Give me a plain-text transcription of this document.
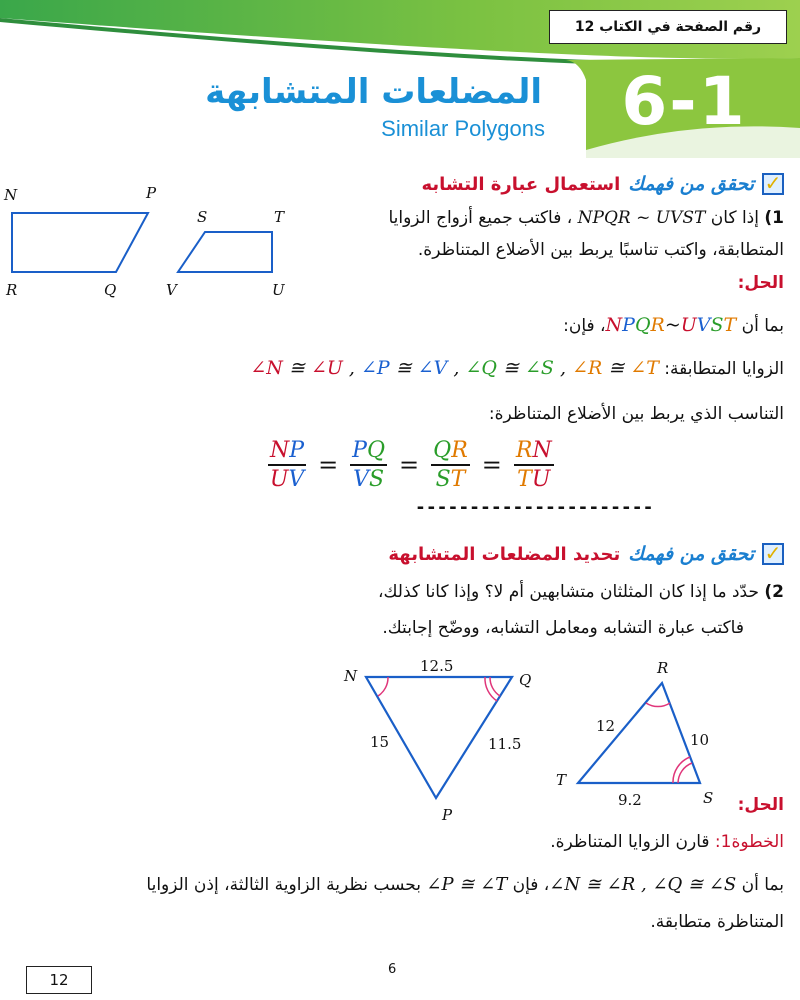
رقم الصفحة في الكتاب 12
6-1
المضلعات المتشابهة
Similar Polygons
✓
تحقق من فهمك
استعمال عبارة التشابه
N	P
R	Q
S	T
V	U
1) إذا كان NPQR ~ UVST ، فاكتب جميع أزواج الزوايا
المتطابقة، واكتب تناسبًا يربط بين الأضلاع المتناظرة.
الحل:
بما أن NPQR~UVST، فإن:
الزوايا المتطابقة: ∠N ≅ ∠U , ∠P ≅ ∠V , ∠Q ≅ ∠S , ∠R ≅ ∠T
التناسب الذي يربط بين الأضلاع المتناظرة:
$\frac{NP}{UV} = \frac{PQ}{VS} = \frac{QR}{ST} = \frac{RN}{TU}$
----------------------
✓
تحقق من فهمك
تحديد المضلعات المتشابهة
2) حدّد ما إذا كان المثلثان متشابهين أم لا؟ وإذا كانا كذلك،
فاكتب عبارة التشابه ومعامل التشابه، ووضّح إجابتك.
N	Q
P
12.5
15	11.5
R
T
S
12
10
9.2	الحل:
الخطوة1: قارن الزوايا المتناظرة.
بما أن ∠N ≅ ∠R , ∠Q ≅ ∠S، فإن ∠P ≅ ∠T بحسب نظرية الزاوية الثالثة، إذن الزوايا
المتناظرة متطابقة.
12
6
